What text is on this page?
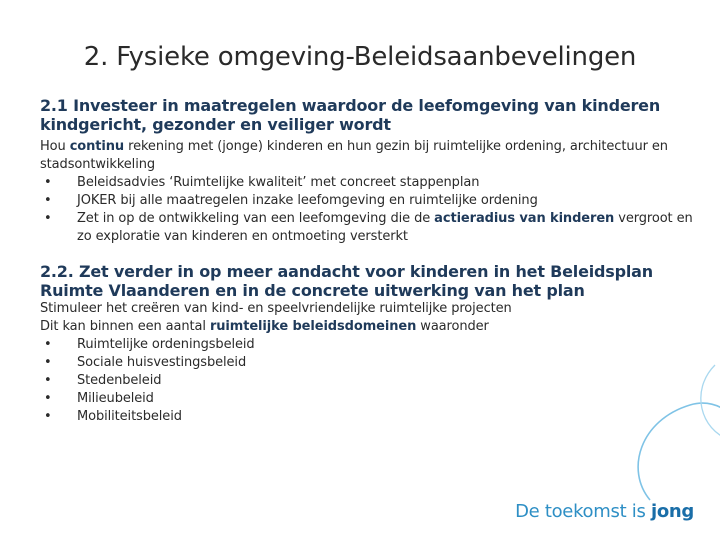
2. Fysieke omgeving-Beleidsaanbevelingen
2.1 Investeer in maatregelen waardoor de leefomgeving van kinderen kindgericht, gezonder en veiliger wordt

Hou continu rekening met (jonge) kinderen en hun gezin bij ruimtelijke ordening, architectuur en stadsontwikkeling

• Beleidsadvies ‘Ruimtelijke kwaliteit’ met concreet stappenplan
• JOKER bij alle maatregelen inzake leefomgeving en ruimtelijke ordening
• Zet in op de ontwikkeling van een leefomgeving die de actieradius van kinderen vergroot en zo exploratie van kinderen en ontmoeting versterkt
2.2. Zet verder in op meer aandacht voor kinderen in het Beleidsplan Ruimte Vlaanderen en in de concrete uitwerking van het plan

Stimuleer het creëren van kind- en speelvriendelijke ruimtelijke projecten

Dit kan binnen een aantal ruimtelijke beleidsdomeinen waaronder

• Ruimtelijke ordeningsbeleid
• Sociale huisvestingsbeleid
• Stedenbeleid
• Milieubeleid
• Mobiliteitsbeleid
De toekomst is jong
